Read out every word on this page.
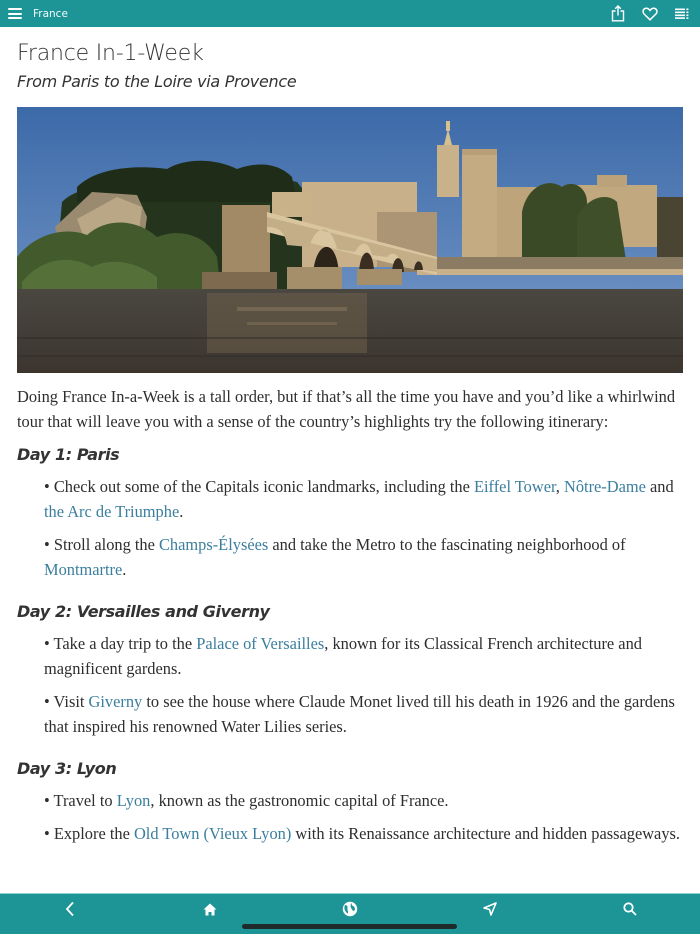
France
France In-1-Week
From Paris to the Loire via Provence

Doing France In-a-Week is a tall order, but if that’s all the time you have and you’d like a whirlwind tour that will leave you with a sense of the country’s highlights try the following itinerary:

Day 1: Paris

• Check out some of the Capitals iconic landmarks, including the Eiffel Tower, Nôtre-Dame and the Arc de Triumphe.

• Stroll along the Champs-Élysées and take the Metro to the fascinating neighborhood of Montmartre.

Day 2: Versailles and Giverny

• Take a day trip to the Palace of Versailles, known for its Classical French architecture and magnificent gardens.

• Visit Giverny to see the house where Claude Monet lived till his death in 1926 and the gardens that inspired his renowned Water Lilies series.

Day 3: Lyon

• Travel to Lyon, known as the gastronomic capital of France.

• Explore the Old Town (Vieux Lyon) with its Renaissance architecture and hidden passageways.
